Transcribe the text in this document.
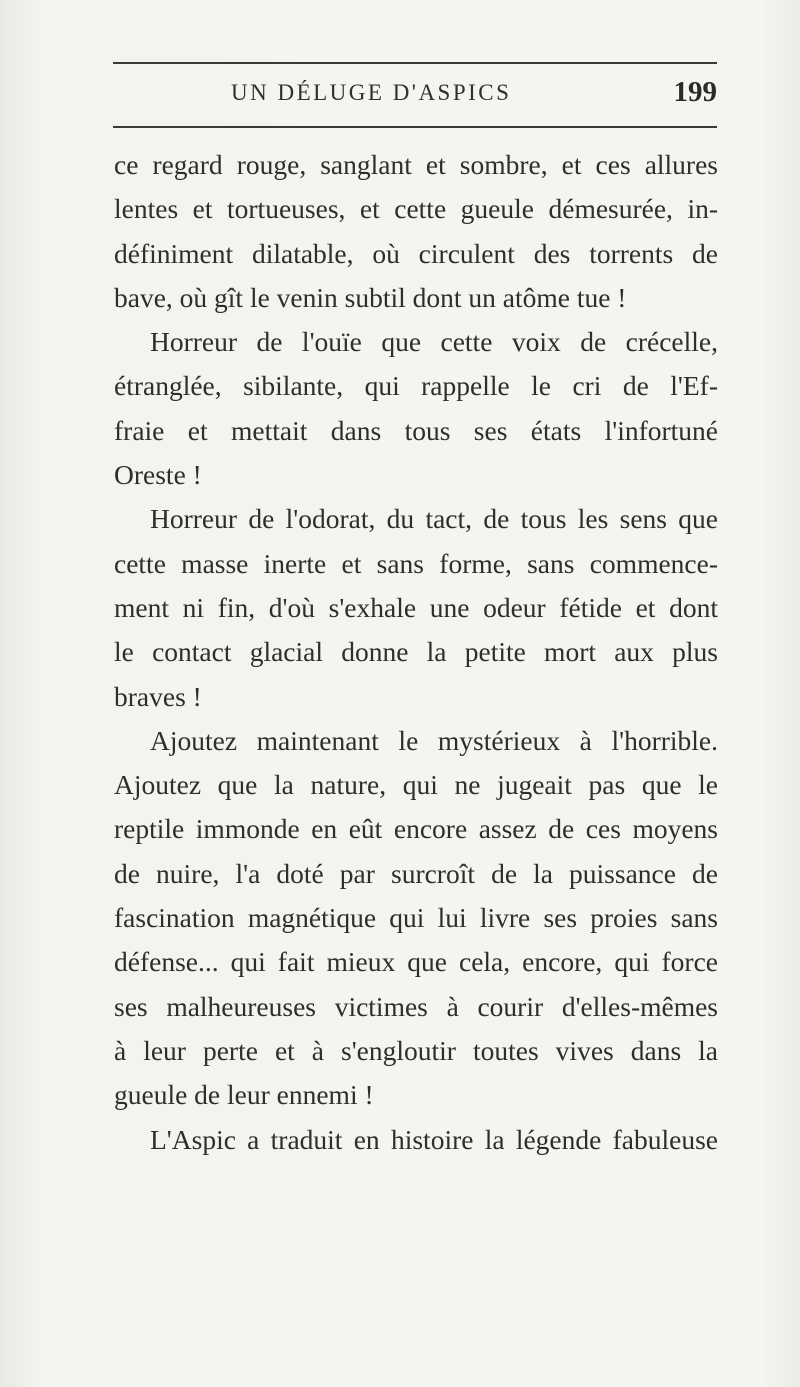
UN DÉLUGE D'ASPICS	199
ce regard rouge, sanglant et sombre, et ces allures
lentes et tortueuses, et cette gueule démesurée, in-
définiment dilatable, où circulent des torrents de
bave, où gît le venin subtil dont un atôme tue !
Horreur de l'ouïe que cette voix de crécelle,
étranglée, sibilante, qui rappelle le cri de l'Ef-
fraie et mettait dans tous ses états l'infortuné
Oreste !
Horreur de l'odorat, du tact, de tous les sens que
cette masse inerte et sans forme, sans commence-
ment ni fin, d'où s'exhale une odeur fétide et dont
le contact glacial donne la petite mort aux plus
braves !
Ajoutez maintenant le mystérieux à l'horrible.
Ajoutez que la nature, qui ne jugeait pas que le
reptile immonde en eût encore assez de ces moyens
de nuire, l'a doté par surcroît de la puissance de
fascination magnétique qui lui livre ses proies sans
défense... qui fait mieux que cela, encore, qui force
ses malheureuses victimes à courir d'elles-mêmes
à leur perte et à s'engloutir toutes vives dans la
gueule de leur ennemi !
L'Aspic a traduit en histoire la légende fabuleuse
